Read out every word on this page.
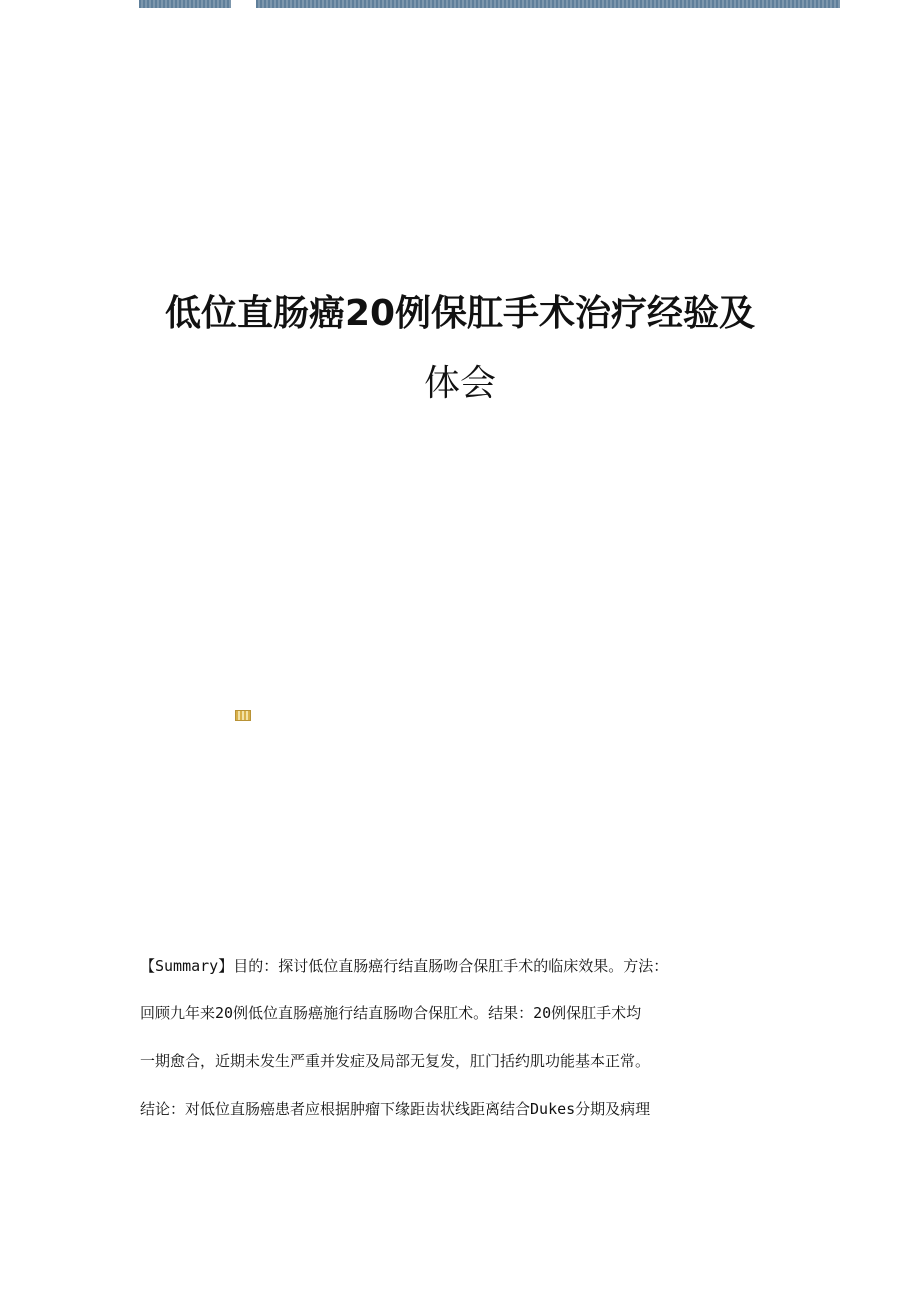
低位直肠癌20例保肛手术治疗经验及
体会
【Summary】目的：探讨低位直肠癌行结直肠吻合保肛手术的临床效果。方法：
回顾九年来20例低位直肠癌施行结直肠吻合保肛术。结果：20例保肛手术均
一期愈合，近期未发生严重并发症及局部无复发，肛门括约肌功能基本正常。
结论：对低位直肠癌患者应根据肿瘤下缘距齿状线距离结合Dukes分期及病理
